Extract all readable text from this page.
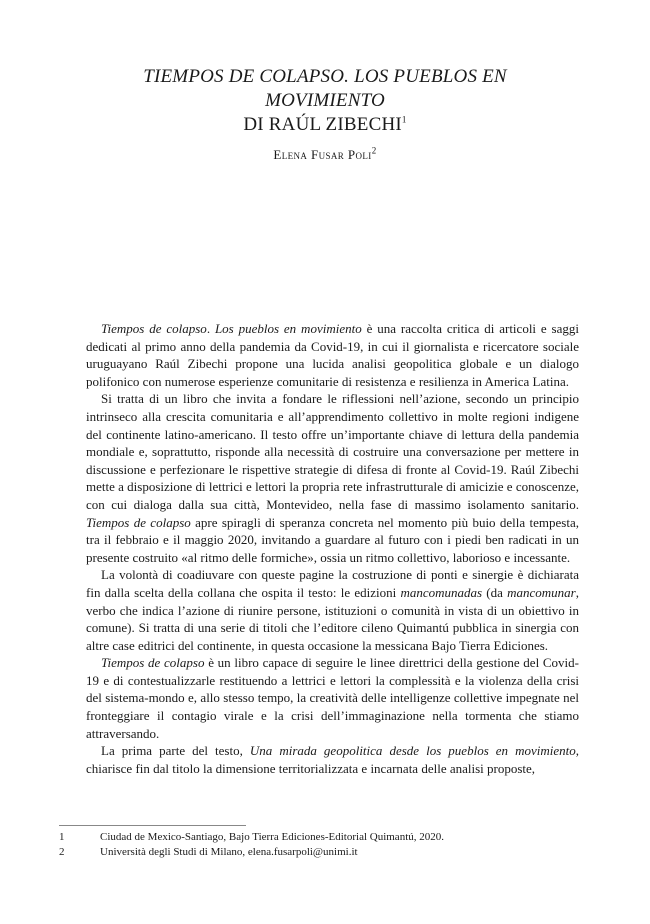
TIEMPOS DE COLAPSO. LOS PUEBLOS EN
MOVIMIENTO
DI RAÚL ZIBECHI$^1$
Elena Fusar Poli$^2$

Tiempos de colapso. Los pueblos en movimiento è una raccolta critica di articoli e saggi dedicati al primo anno della pandemia da Covid-19, in cui il giornalista e ricercatore sociale uruguayano Raúl Zibechi propone una lucida analisi geopolitica globale e un dialogo polifonico con numerose esperienze comunitarie di resistenza e resilienza in America Latina.

Si tratta di un libro che invita a fondare le riflessioni nell’azione, secondo un principio intrinseco alla crescita comunitaria e all’apprendimento collettivo in molte regioni indigene del continente latino-americano. Il testo offre un’importante chiave di lettura della pandemia mondiale e, soprattutto, risponde alla necessità di costruire una conversazione per mettere in discussione e perfezionare le rispettive strategie di difesa di fronte al Covid-19. Raúl Zibechi mette a disposizione di lettrici e lettori la propria rete infrastrutturale di amicizie e conoscenze, con cui dialoga dalla sua città, Montevideo, nella fase di massimo isolamento sanitario. Tiempos de colapso apre spiragli di speranza concreta nel momento più buio della tempesta, tra il febbraio e il maggio 2020, invitando a guardare al futuro con i piedi ben radicati in un presente costruito «al ritmo delle formiche», ossia un ritmo collettivo, laborioso e incessante.

La volontà di coadiuvare con queste pagine la costruzione di ponti e sinergie è dichiarata fin dalla scelta della collana che ospita il testo: le edizioni mancomunadas (da mancomunar, verbo che indica l’azione di riunire persone, istituzioni o comunità in vista di un obiettivo in comune). Si tratta di una serie di titoli che l’editore cileno Quimantú pubblica in sinergia con altre case editrici del continente, in questa occasione la messicana Bajo Tierra Ediciones.

Tiempos de colapso è un libro capace di seguire le linee direttrici della gestione del Covid-19 e di contestualizzarle restituendo a lettrici e lettori la complessità e la violenza della crisi del sistema-mondo e, allo stesso tempo, la creatività delle intelligenze collettive impegnate nel fronteggiare il contagio virale e la crisi dell’immaginazione nella tormenta che stiamo attraversando.

La prima parte del testo, Una mirada geopolitica desde los pueblos en movimiento, chiarisce fin dal titolo la dimensione territorializzata e incarnata delle analisi proposte,

1	Ciudad de Mexico-Santiago, Bajo Tierra Ediciones-Editorial Quimantú, 2020.
2	Università degli Studi di Milano, elena.fusarpoli@unimi.it
